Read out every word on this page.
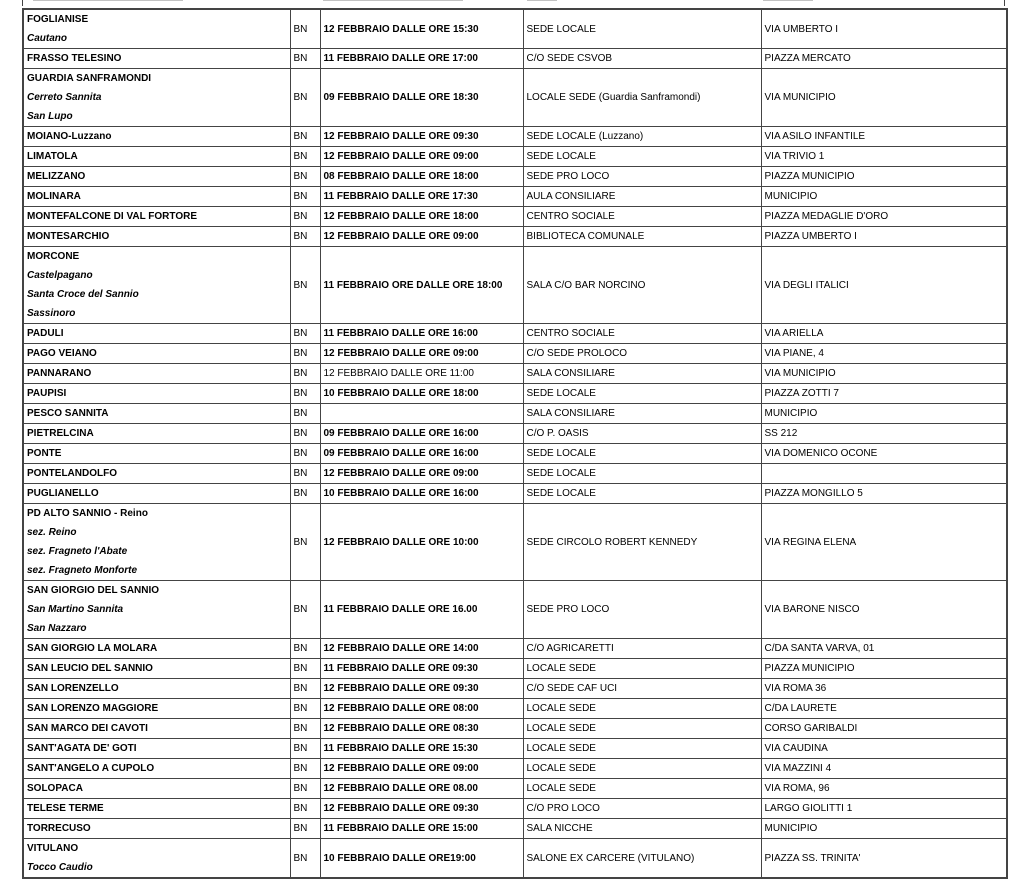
FOGLIANISE
Cautano	BN	12 FEBBRAIO DALLE ORE 15:30	SEDE LOCALE	VIA UMBERTO I

FRASSO TELESINO	BN	11 FEBBRAIO DALLE ORE 17:00	C/O SEDE CSVOB	PIAZZA MERCATO

GUARDIA SANFRAMONDI
Cerreto Sannita
San Lupo	BN	09 FEBBRAIO DALLE ORE 18:30	LOCALE SEDE (Guardia Sanframondi)	VIA MUNICIPIO

MOIANO-Luzzano	BN	12 FEBBRAIO DALLE ORE 09:30	SEDE LOCALE (Luzzano)	VIA ASILO INFANTILE

LIMATOLA	BN	12 FEBBRAIO DALLE ORE 09:00	SEDE LOCALE	VIA TRIVIO 1

MELIZZANO	BN	08 FEBBRAIO DALLE ORE 18:00	SEDE PRO LOCO	PIAZZA MUNICIPIO

MOLINARA	BN	11 FEBBRAIO DALLE ORE 17:30	AULA CONSILIARE	MUNICIPIO

MONTEFALCONE DI VAL FORTORE	BN	12 FEBBRAIO DALLE ORE 18:00	CENTRO SOCIALE	PIAZZA MEDAGLIE D'ORO

MONTESARCHIO	BN	12 FEBBRAIO DALLE ORE 09:00	BIBLIOTECA COMUNALE	PIAZZA UMBERTO I

MORCONE
Castelpagano
Santa Croce del Sannio
Sassinoro	BN	11 FEBBRAIO ORE DALLE ORE 18:00	SALA C/O BAR NORCINO	VIA DEGLI ITALICI

PADULI	BN	11 FEBBRAIO DALLE ORE 16:00	CENTRO SOCIALE	VIA ARIELLA

PAGO VEIANO	BN	12 FEBBRAIO DALLE ORE 09:00	C/O SEDE PROLOCO	VIA PIANE, 4

PANNARANO	BN	12 FEBBRAIO DALLE ORE 11:00	SALA CONSILIARE	VIA MUNICIPIO

PAUPISI	BN	10 FEBBRAIO DALLE ORE 18:00	SEDE LOCALE	PIAZZA ZOTTI 7

PESCO SANNITA	BN		SALA CONSILIARE	MUNICIPIO

PIETRELCINA	BN	09 FEBBRAIO DALLE ORE 16:00	C/O P. OASIS	SS 212

PONTE	BN	09 FEBBRAIO DALLE ORE 16:00	SEDE LOCALE	VIA DOMENICO OCONE

PONTELANDOLFO	BN	12 FEBBRAIO DALLE ORE 09:00	SEDE LOCALE	

PUGLIANELLO	BN	10 FEBBRAIO DALLE ORE 16:00	SEDE LOCALE	PIAZZA MONGILLO 5

PD ALTO SANNIO - Reino
sez. Reino
sez. Fragneto l'Abate
sez. Fragneto Monforte	BN	12 FEBBRAIO DALLE ORE 10:00	SEDE CIRCOLO ROBERT KENNEDY	VIA REGINA ELENA

SAN GIORGIO DEL SANNIO
San Martino Sannita
San Nazzaro	BN	11 FEBBRAIO DALLE ORE 16.00	SEDE PRO LOCO	VIA BARONE NISCO

SAN GIORGIO LA MOLARA	BN	12 FEBBRAIO DALLE ORE 14:00	C/O AGRICARETTI	C/DA SANTA VARVA, 01

SAN LEUCIO DEL SANNIO	BN	11 FEBBRAIO DALLE ORE 09:30	LOCALE SEDE	PIAZZA MUNICIPIO

SAN LORENZELLO	BN	12 FEBBRAIO DALLE ORE 09:30	C/O SEDE CAF UCI	VIA ROMA 36

SAN LORENZO MAGGIORE	BN	12 FEBBRAIO DALLE ORE 08:00	LOCALE SEDE	C/DA LAURETE

SAN MARCO DEI CAVOTI	BN	12 FEBBRAIO DALLE ORE 08:30	LOCALE SEDE	CORSO GARIBALDI

SANT'AGATA DE' GOTI	BN	11 FEBBRAIO DALLE ORE 15:30	LOCALE SEDE	VIA CAUDINA

SANT'ANGELO A CUPOLO	BN	12 FEBBRAIO DALLE ORE 09:00	LOCALE SEDE	VIA MAZZINI 4

SOLOPACA	BN	12 FEBBRAIO DALLE ORE 08.00	LOCALE SEDE	VIA ROMA, 96

TELESE TERME	BN	12 FEBBRAIO DALLE ORE 09:30	C/O PRO LOCO	LARGO GIOLITTI 1

TORRECUSO	BN	11 FEBBRAIO DALLE ORE 15:00	SALA NICCHE	MUNICIPIO

VITULANO
Tocco Caudio	BN	10 FEBBRAIO DALLE ORE19:00	SALONE EX CARCERE (VITULANO)	PIAZZA SS. TRINITA'
